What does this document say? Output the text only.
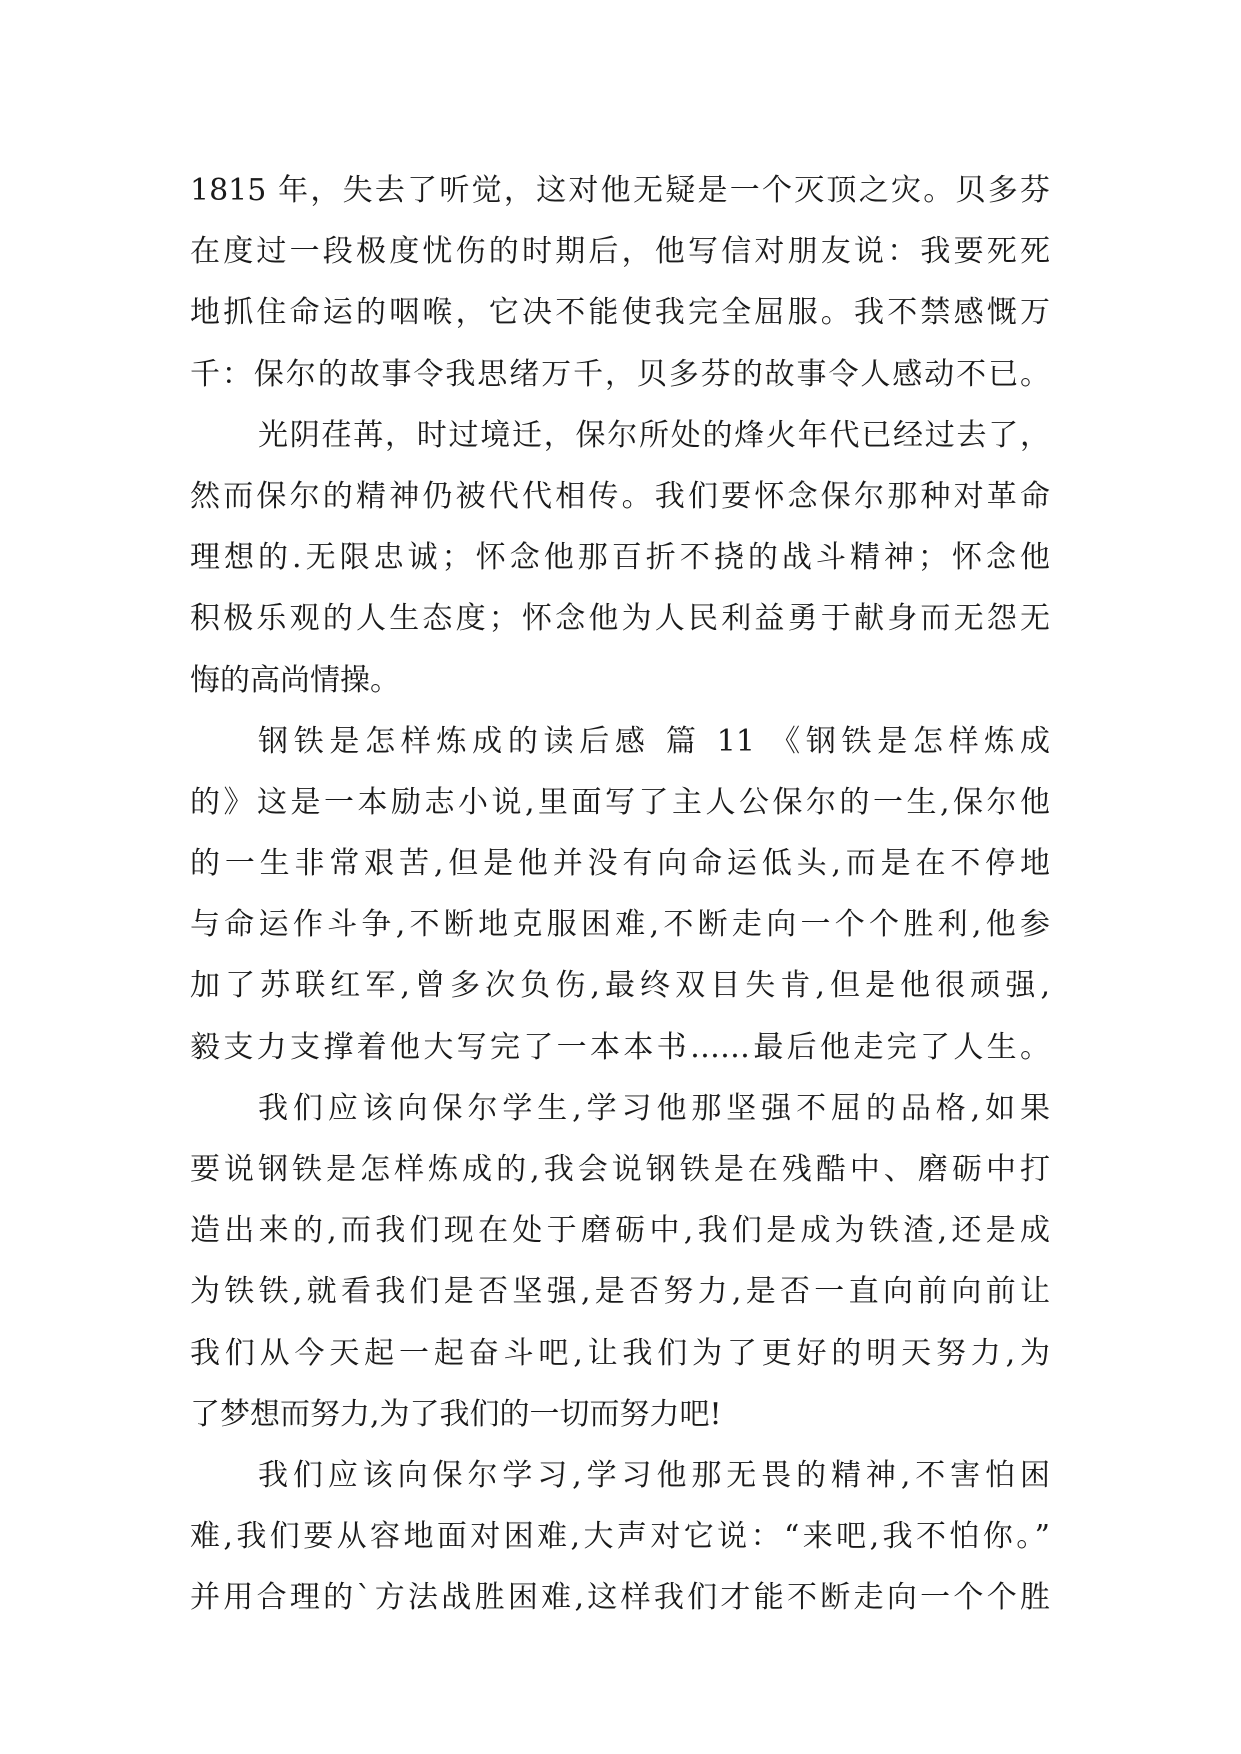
1815 年，失去了听觉，这对他无疑是一个灭顶之灾。贝多芬
在度过一段极度忧伤的时期后，他写信对朋友说：我要死死
地抓住命运的咽喉，它决不能使我完全屈服。我不禁感慨万
千：保尔的故事令我思绪万千，贝多芬的故事令人感动不已。
光阴荏苒，时过境迁，保尔所处的烽火年代已经过去了，
然而保尔的精神仍被代代相传。我们要怀念保尔那种对革命
理想的.无限忠诚；怀念他那百折不挠的战斗精神；怀念他
积极乐观的人生态度；怀念他为人民利益勇于献身而无怨无
悔的高尚情操。
钢铁是怎样炼成的读后感 篇 11 《钢铁是怎样炼成
的》这是一本励志小说,里面写了主人公保尔的一生,保尔他
的一生非常艰苦,但是他并没有向命运低头,而是在不停地
与命运作斗争,不断地克服困难,不断走向一个个胜利,他参
加了苏联红军,曾多次负伤,最终双目失肯,但是他很顽强,
毅支力支撑着他大写完了一本本书……最后他走完了人生。
我们应该向保尔学生,学习他那坚强不屈的品格,如果
要说钢铁是怎样炼成的,我会说钢铁是在残酷中、磨砺中打
造出来的,而我们现在处于磨砺中,我们是成为铁渣,还是成
为铁铁,就看我们是否坚强,是否努力,是否一直向前向前让
我们从今天起一起奋斗吧,让我们为了更好的明天努力,为
了梦想而努力,为了我们的一切而努力吧!
我们应该向保尔学习,学习他那无畏的精神,不害怕困
难,我们要从容地面对困难,大声对它说：“来吧,我不怕你。”
并用合理的`方法战胜困难,这样我们才能不断走向一个个胜
